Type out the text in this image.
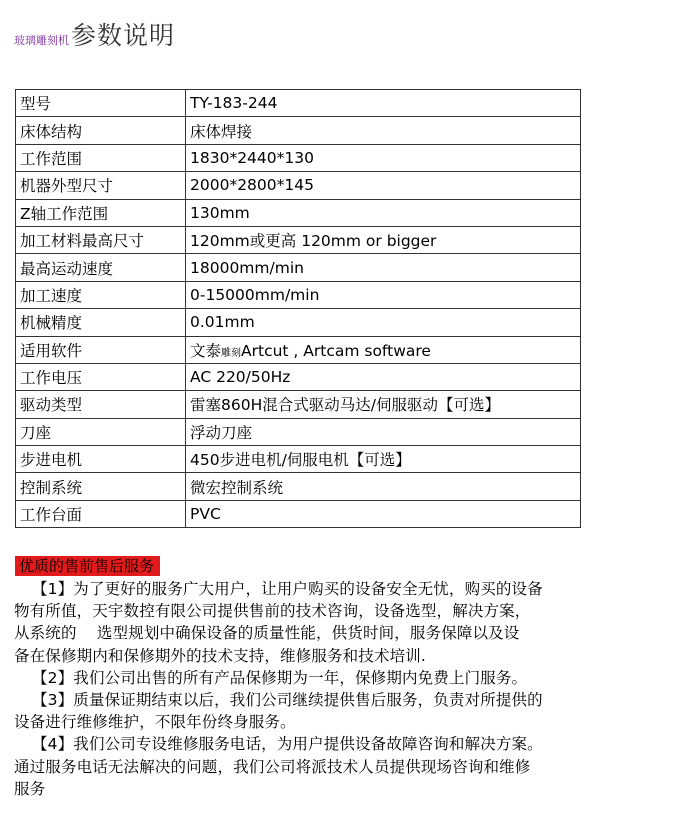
玻璃雕刻机 参数说明
型号	TY-183-244
床体结构	床体焊接
工作范围	1830*2440*130
机器外型尺寸	2000*2800*145
Z轴工作范围	130mm
加工材料最高尺寸	120mm或更高 120mm or bigger
最高运动速度	18000mm/min
加工速度	0-15000mm/min
机械精度	0.01mm
适用软件	文泰雕刻Artcut , Artcam software
工作电压	AC 220/50Hz
驱动类型	雷塞860H混合式驱动马达/伺服驱动【可选】
刀座	浮动刀座
步进电机	450步进电机/伺服电机【可选】
控制系统	微宏控制系统
工作台面	PVC
优质的售前售后服务

【1】为了更好的服务广大用户，让用户购买的设备安全无忧，购买的设备

物有所值，天宇数控有限公司提供售前的技术咨询，设备选型，解决方案，

从系统的    选型规划中确保设备的质量性能，供货时间，服务保障以及设

备在保修期内和保修期外的技术支持，维修服务和技术培训.

【2】我们公司出售的所有产品保修期为一年，保修期内免费上门服务。

【3】质量保证期结束以后，我们公司继续提供售后服务，负责对所提供的

设备进行维修维护，不限年份终身服务。

【4】我们公司专设维修服务电话，为用户提供设备故障咨询和解决方案。

通过服务电话无法解决的问题，我们公司将派技术人员提供现场咨询和维修

服务
